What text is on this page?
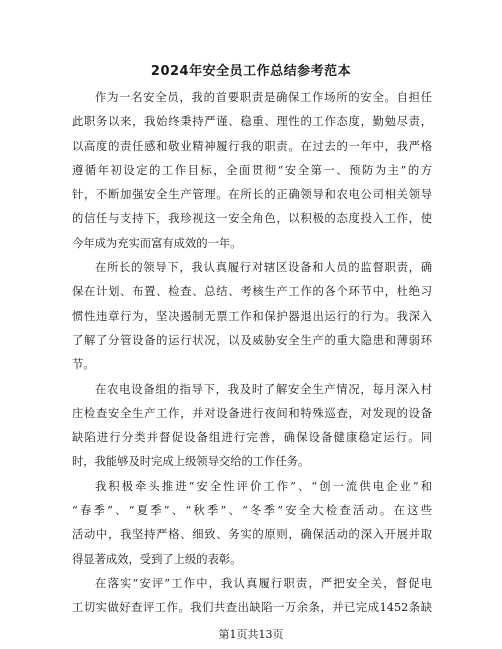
2024年安全员工作总结参考范本
作为一名安全员，我的首要职责是确保工作场所的安全。自担任
此职务以来，我始终秉持严谨、稳重、理性的工作态度，勤勉尽责，
以高度的责任感和敬业精神履行我的职责。在过去的一年中，我严格
遵循年初设定的工作目标，全面贯彻“安全第一、预防为主”的方
针，不断加强安全生产管理。在所长的正确领导和农电公司相关领导
的信任与支持下，我珍视这一安全角色，以积极的态度投入工作，使
今年成为充实而富有成效的一年。
在所长的领导下，我认真履行对辖区设备和人员的监督职责，确
保在计划、布置、检查、总结、考核生产工作的各个环节中，杜绝习
惯性违章行为，坚决遏制无票工作和保护器退出运行的行为。我深入
了解了分管设备的运行状况，以及威胁安全生产的重大隐患和薄弱环
节。
在农电设备组的指导下，我及时了解安全生产情况，每月深入村
庄检查安全生产工作，并对设备进行夜间和特殊巡查，对发现的设备
缺陷进行分类并督促设备组进行完善，确保设备健康稳定运行。同
时，我能够及时完成上级领导交给的工作任务。
我积极牵头推进“安全性评价工作”、“创一流供电企业”和
“春季”、“夏季”、“秋季”、“冬季”安全大检查活动。在这些
活动中，我坚持严格、细致、务实的原则，确保活动的深入开展并取
得显著成效，受到了上级的表彰。
在落实“安评”工作中，我认真履行职责，严把安全关，督促电
工切实做好查评工作。我们共查出缺陷一万余条，并已完成1452条缺
第1页共13页
